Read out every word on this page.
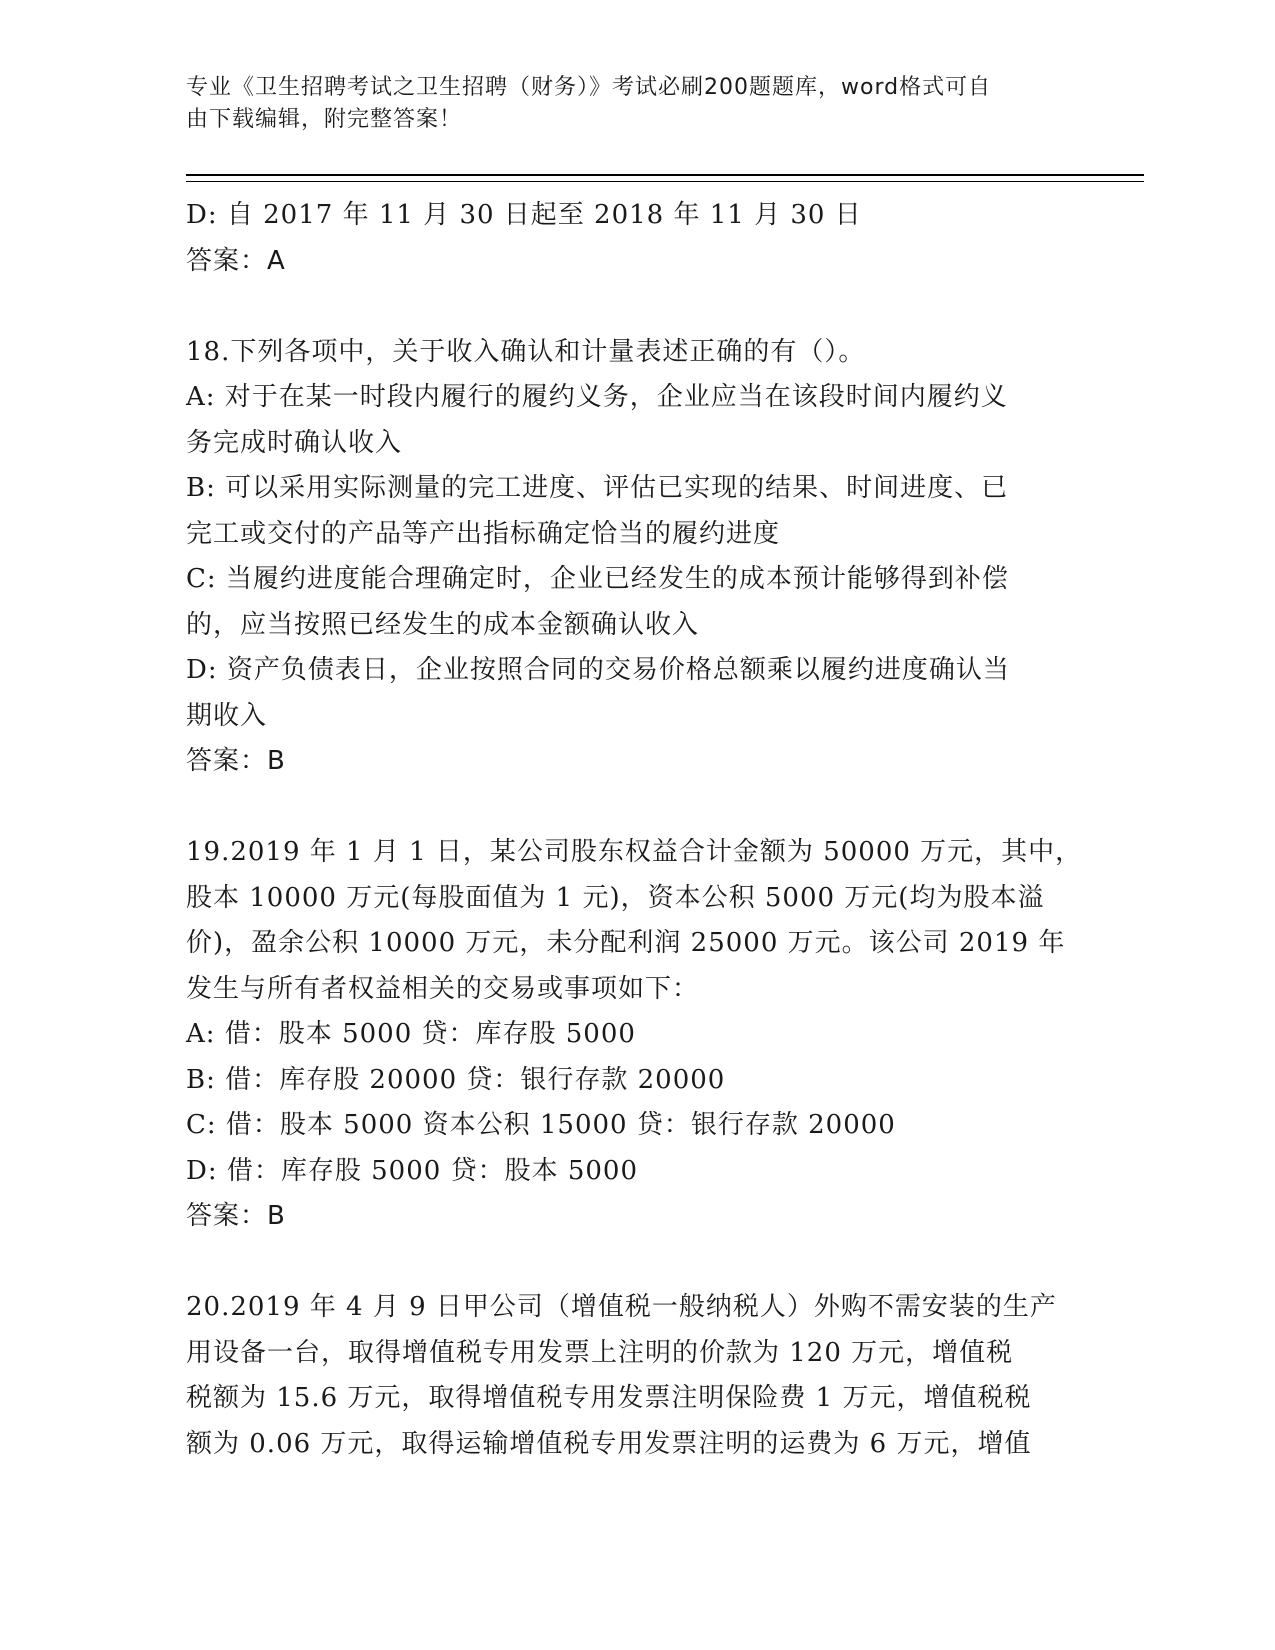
专业《卫生招聘考试之卫生招聘（财务）》考试必刷200题题库，word格式可自
由下载编辑，附完整答案！
D: 自 2017 年 11 月 30 日起至 2018 年 11 月 30 日
答案：A
18.下列各项中，关于收入确认和计量表述正确的有（）。
A: 对于在某一时段内履行的履约义务，企业应当在该段时间内履约义
务完成时确认收入
B: 可以采用实际测量的完工进度、评估已实现的结果、时间进度、已
完工或交付的产品等产出指标确定恰当的履约进度
C: 当履约进度能合理确定时，企业已经发生的成本预计能够得到补偿
的，应当按照已经发生的成本金额确认收入
D: 资产负债表日，企业按照合同的交易价格总额乘以履约进度确认当
期收入
答案：B
19.2019 年 1 月 1 日，某公司股东权益合计金额为 50000 万元，其中，
股本 10000 万元(每股面值为 1 元)，资本公积 5000 万元(均为股本溢
价)，盈余公积 10000 万元，未分配利润 25000 万元。该公司 2019 年
发生与所有者权益相关的交易或事项如下：
A: 借：股本 5000 贷：库存股 5000
B: 借：库存股 20000 贷：银行存款 20000
C: 借：股本 5000 资本公积 15000 贷：银行存款 20000
D: 借：库存股 5000 贷：股本 5000
答案：B
20.2019 年 4 月 9 日甲公司（增值税一般纳税人）外购不需安装的生产
用设备一台，取得增值税专用发票上注明的价款为 120 万元，增值税
税额为 15.6 万元，取得增值税专用发票注明保险费 1 万元，增值税税
额为 0.06 万元，取得运输增值税专用发票注明的运费为 6 万元，增值
